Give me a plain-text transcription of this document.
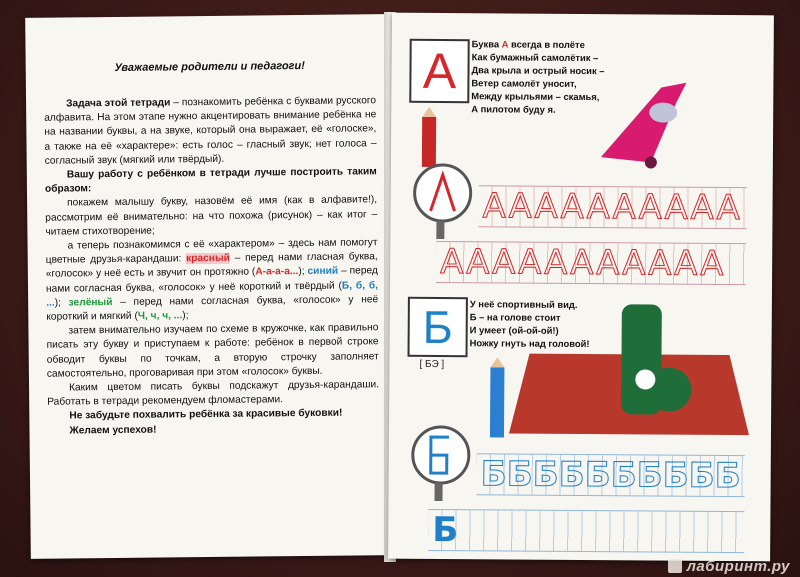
Уважаемые родители и педагоги!

Задача этой тетради – познакомить ребёнка с буквами русского алфавита. На этом этапе нужно акцентировать внимание ребёнка не на названии буквы, а на звуке, который она выражает, её «голоске», а также на её «характере»: есть голос – гласный звук; нет голоса – согласный звук (мягкий или твёрдый).

Вашу работу с ребёнком в тетради лучше построить таким образом:

покажем малышу букву, назовём её имя (как в алфавите!), рассмотрим её внимательно: на что похожа (рисунок) – как итог – читаем стихотворение;

а теперь познакомимся с её «характером» – здесь нам помогут цветные друзья-карандаши: красный – перед нами гласная буква, «голосок» у неё есть и звучит он протяжно (А-а-а-а...); синий – перед нами согласная буква, «голосок» у неё короткий и твёрдый (Б, б, б, ...); зелёный – перед нами согласная буква, «голосок» у неё короткий и мягкий (Ч, ч, ч, ...);

затем внимательно изучаем по схеме в кружочке, как правильно писать эту букву и приступаем к работе: ребёнок в первой строке обводит буквы по точкам, а вторую строчку заполняет самостоятельно, проговаривая при этом «голосок» буквы.

Каким цветом писать буквы подскажут друзья-карандаши. Работать в тетради рекомендуем фломастерами.

Не забудьте похвалить ребёнка за красивые буковки!

Желаем успехов!

А	Буква А всегда в полёте
Как бумажный самолётик –
Два крыла и острый носик –
Ветер самолёт уносит,
Между крыльями – скамья,
А пилотом буду я.
А А А А А А А А А А
А А А А А А А А А А А
Б
[ БЭ ]
У неё спортивный вид.
Б – на голове стоит
И умеет (ой-ой-ой!)
Ножку гнуть над головой!
Б Б Б Б Б Б Б Б Б Б
Б
лабиринт.ру
